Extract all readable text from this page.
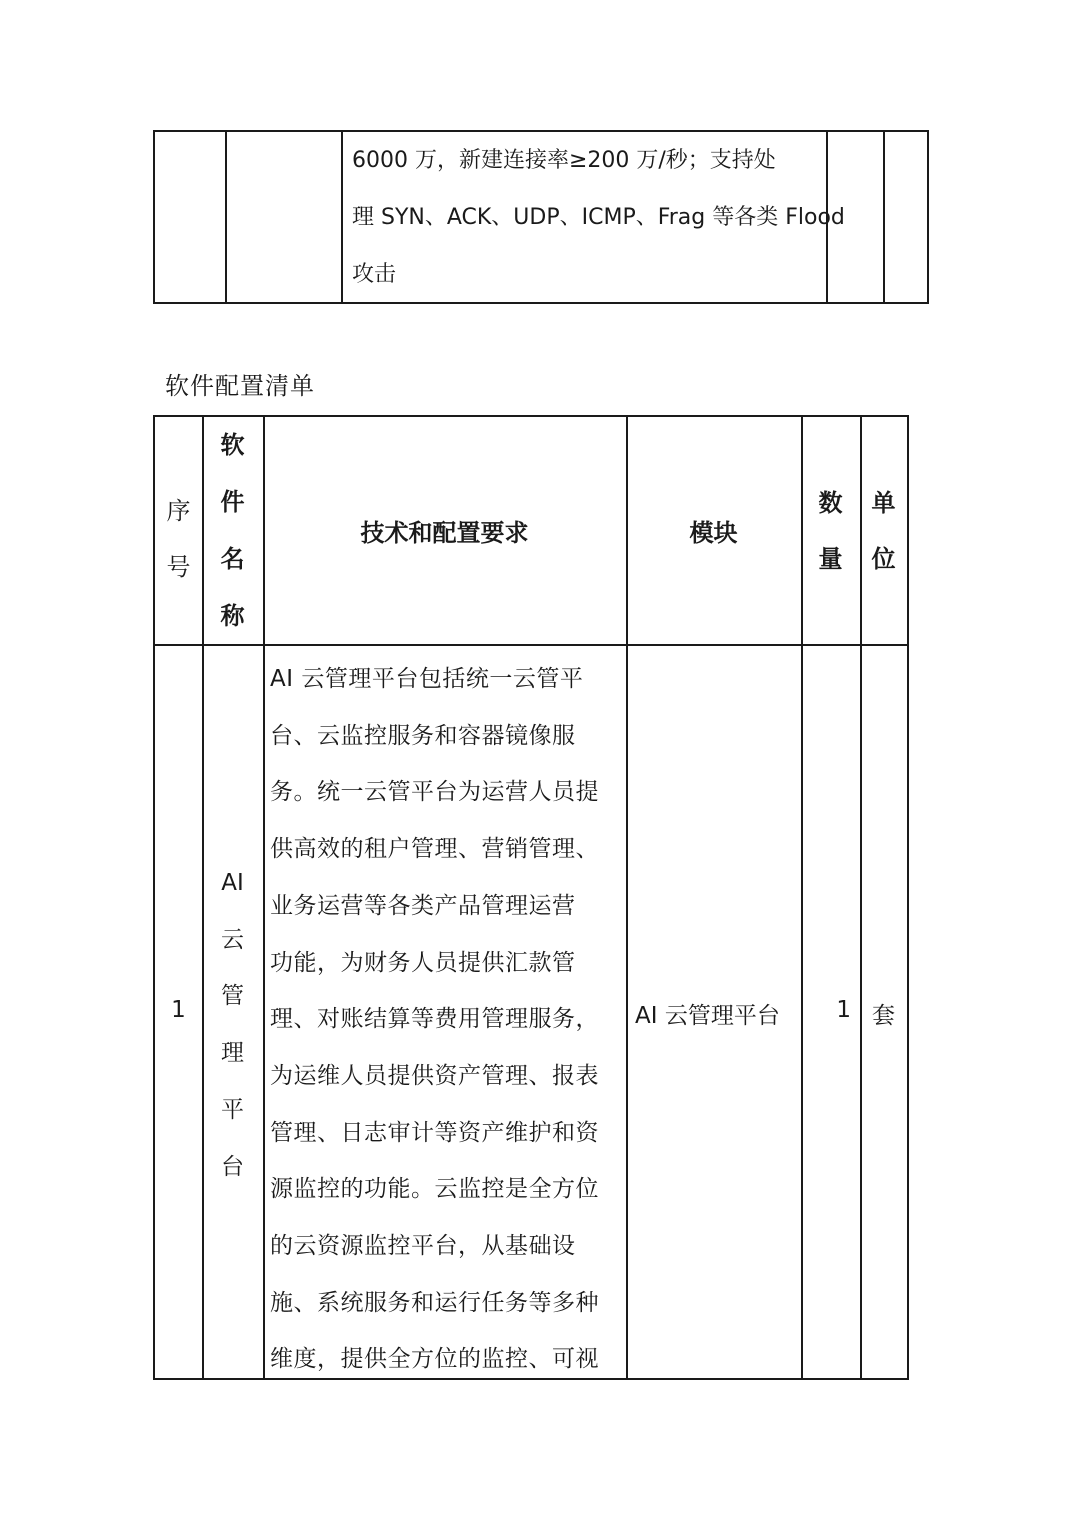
6000 万，新建连接率≥200 万/秒；支持处
理 SYN、ACK、UDP、ICMP、Frag 等各类 Flood
攻击
软件配置清单
序
号
软
件
名
称
技术和配置要求	模块
数
量
单
位
1
AI
云
管
理
平
台
AI 云管理平台包括统一云管平
台、云监控服务和容器镜像服
务。统一云管平台为运营人员提
供高效的租户管理、营销管理、
业务运营等各类产品管理运营
功能，为财务人员提供汇款管
理、对账结算等费用管理服务，
为运维人员提供资产管理、报表
管理、日志审计等资产维护和资
源监控的功能。云监控是全方位
的云资源监控平台，从基础设
施、系统服务和运行任务等多种
维度，提供全方位的监控、可视
AI 云管理平台	1 套
